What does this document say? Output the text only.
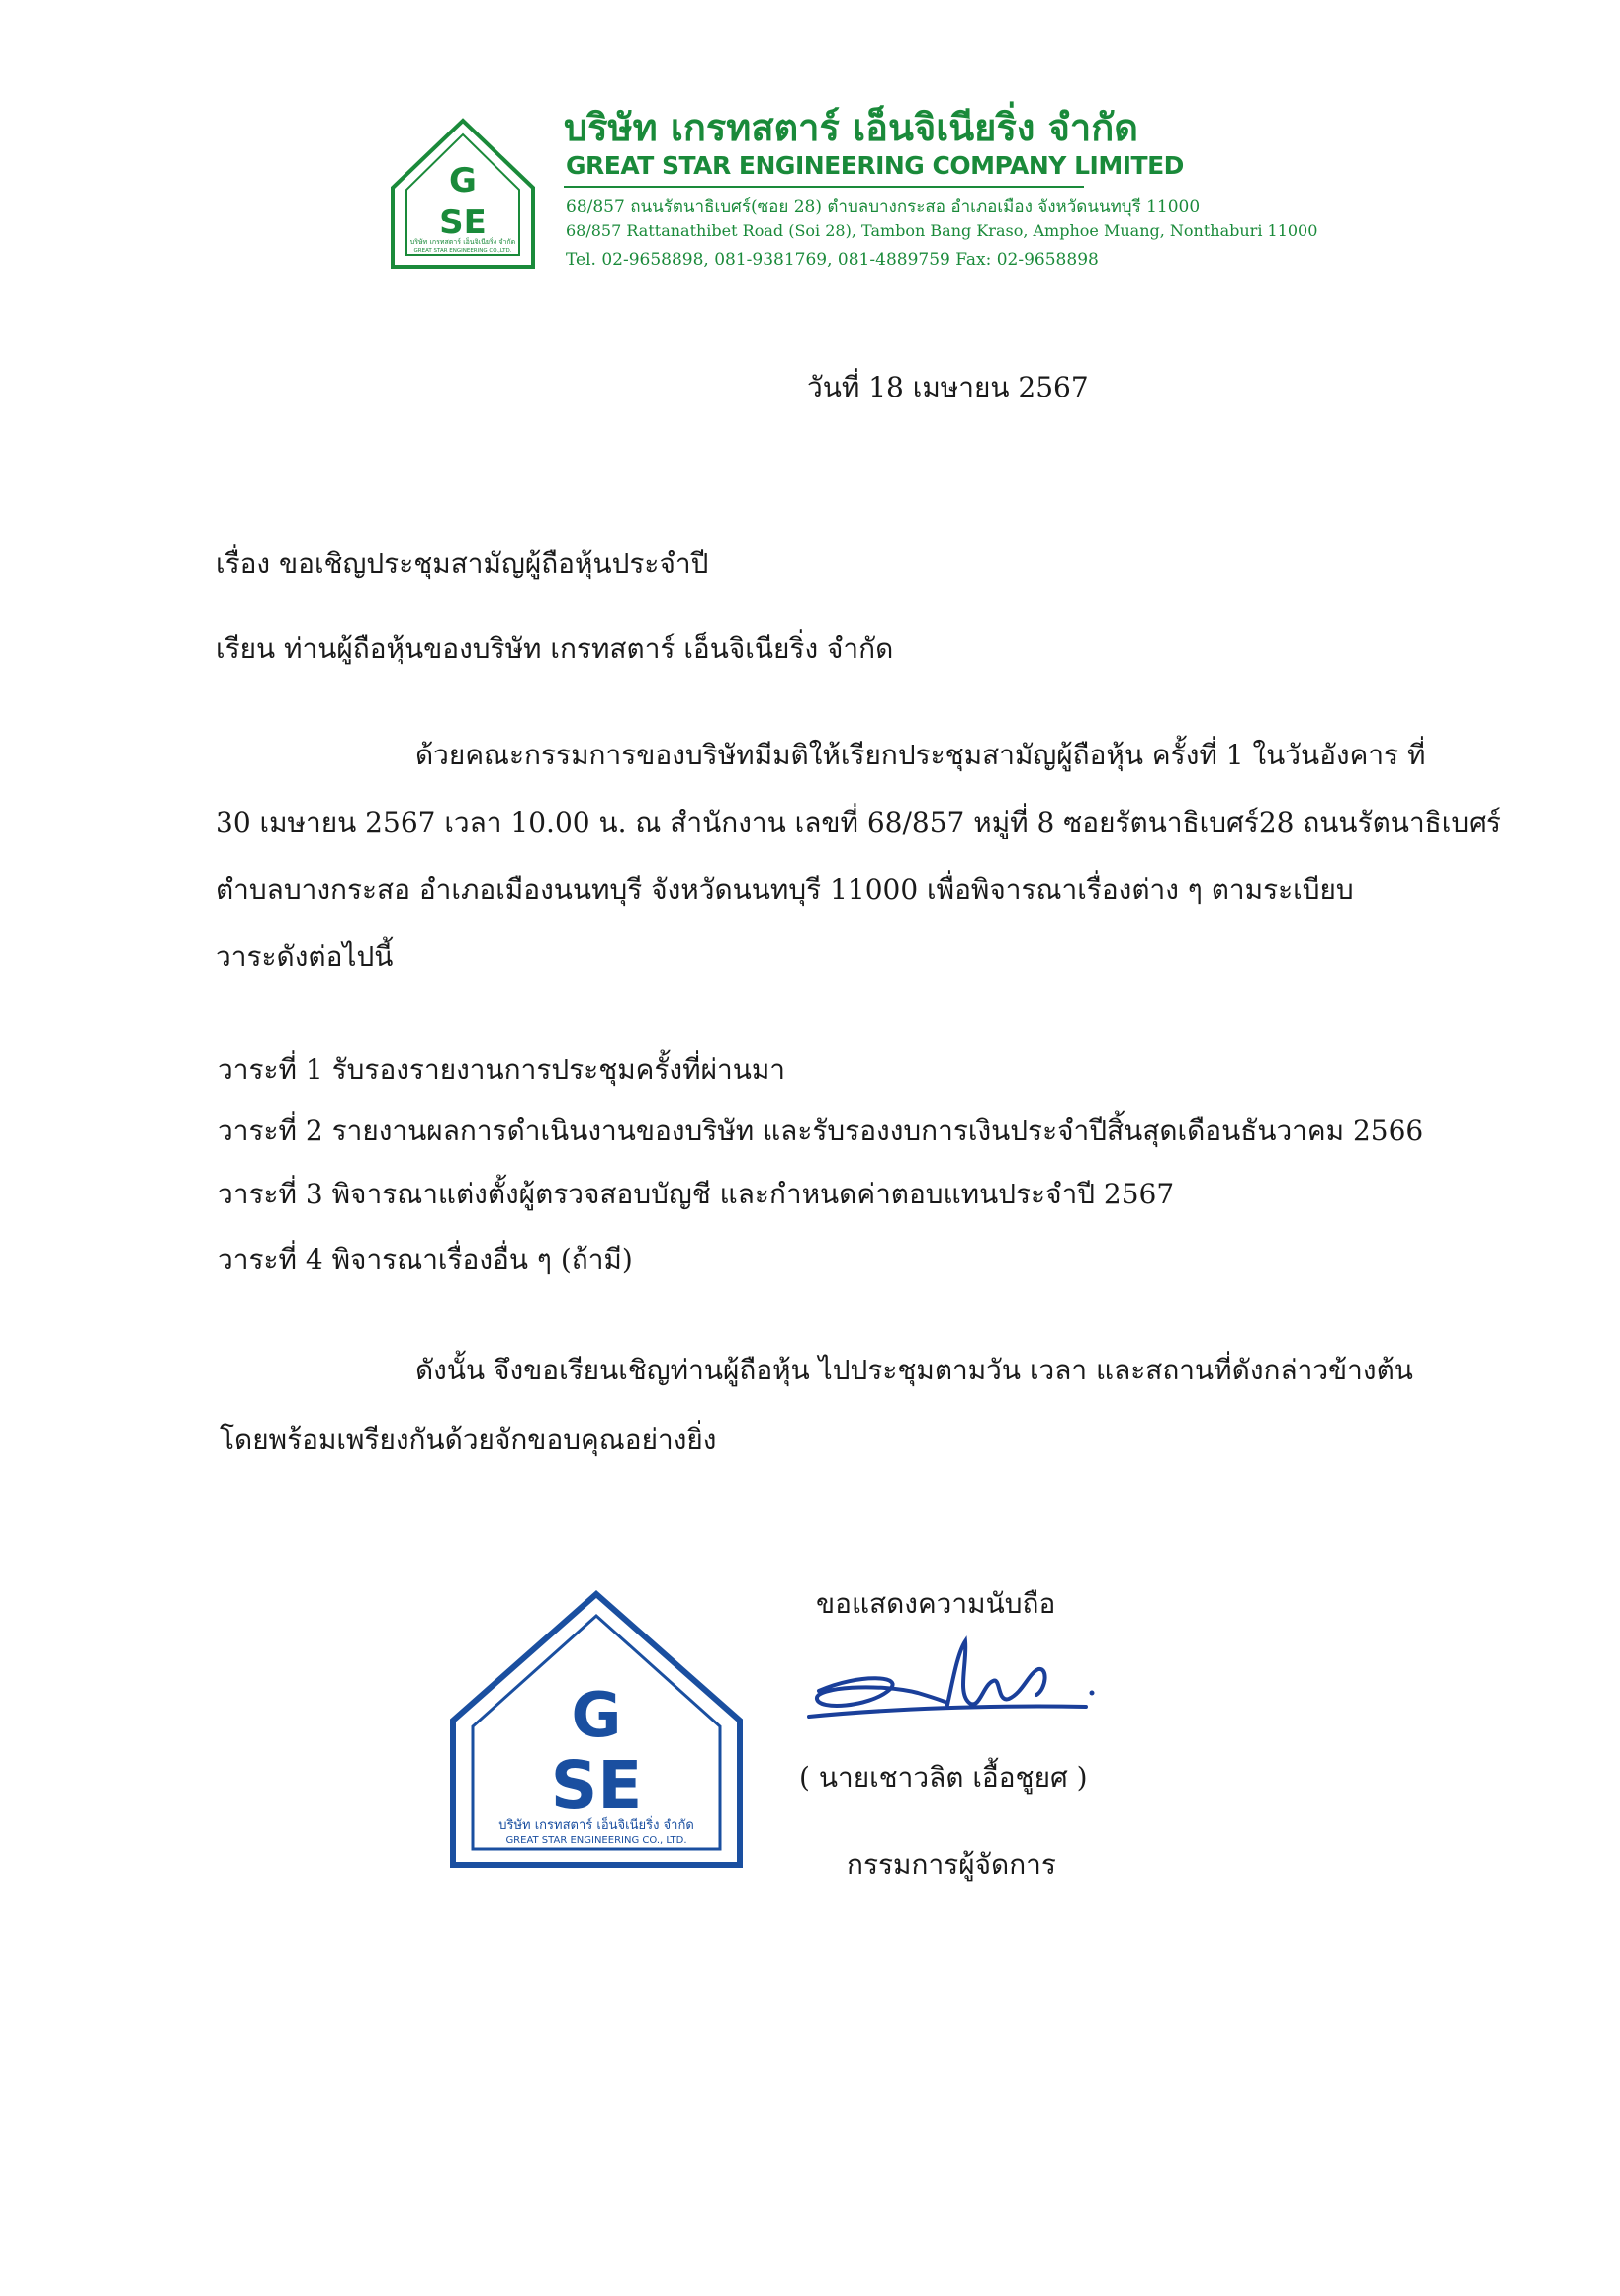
G
SE
บริษัท เกรทสตาร์ เอ็นจิเนียริ่ง จำกัด
GREAT STAR ENGINEERING CO.,LTD.
บริษัท เกรทสตาร์ เอ็นจิเนียริ่ง จำกัด
GREAT STAR ENGINEERING COMPANY LIMITED
68/857 ถนนรัตนาธิเบศร์(ซอย 28) ตำบลบางกระสอ อำเภอเมือง จังหวัดนนทบุรี 11000
68/857 Rattanathibet Road (Soi 28), Tambon Bang Kraso, Amphoe Muang, Nonthaburi 11000
Tel. 02-9658898, 081-9381769, 081-4889759 Fax: 02-9658898
วันที่ 18 เมษายน 2567
เรื่อง ขอเชิญประชุมสามัญผู้ถือหุ้นประจำปี
เรียน ท่านผู้ถือหุ้นของบริษัท เกรทสตาร์ เอ็นจิเนียริ่ง จำกัด
ด้วยคณะกรรมการของบริษัทมีมติให้เรียกประชุมสามัญผู้ถือหุ้น ครั้งที่ 1 ในวันอังคาร ที่
30 เมษายน 2567 เวลา 10.00 น. ณ สำนักงาน เลขที่ 68/857 หมู่ที่ 8 ซอยรัตนาธิเบศร์28 ถนนรัตนาธิเบศร์
ตำบลบางกระสอ อำเภอเมืองนนทบุรี จังหวัดนนทบุรี 11000 เพื่อพิจารณาเรื่องต่าง ๆ ตามระเบียบ
วาระดังต่อไปนี้
วาระที่ 1 รับรองรายงานการประชุมครั้งที่ผ่านมา
วาระที่ 2 รายงานผลการดำเนินงานของบริษัท และรับรองงบการเงินประจำปีสิ้นสุดเดือนธันวาคม 2566
วาระที่ 3 พิจารณาแต่งตั้งผู้ตรวจสอบบัญชี และกำหนดค่าตอบแทนประจำปี 2567
วาระที่ 4 พิจารณาเรื่องอื่น ๆ (ถ้ามี)
ดังนั้น จึงขอเรียนเชิญท่านผู้ถือหุ้น ไปประชุมตามวัน เวลา และสถานที่ดังกล่าวข้างต้น
โดยพร้อมเพรียงกันด้วยจักขอบคุณอย่างยิ่ง
G
SE
บริษัท เกรทสตาร์ เอ็นจิเนียริ่ง จำกัด
GREAT STAR ENGINEERING CO., LTD.
ขอแสดงความนับถือ
( นายเชาวลิต เอื้อชูยศ )
กรรมการผู้จัดการ
